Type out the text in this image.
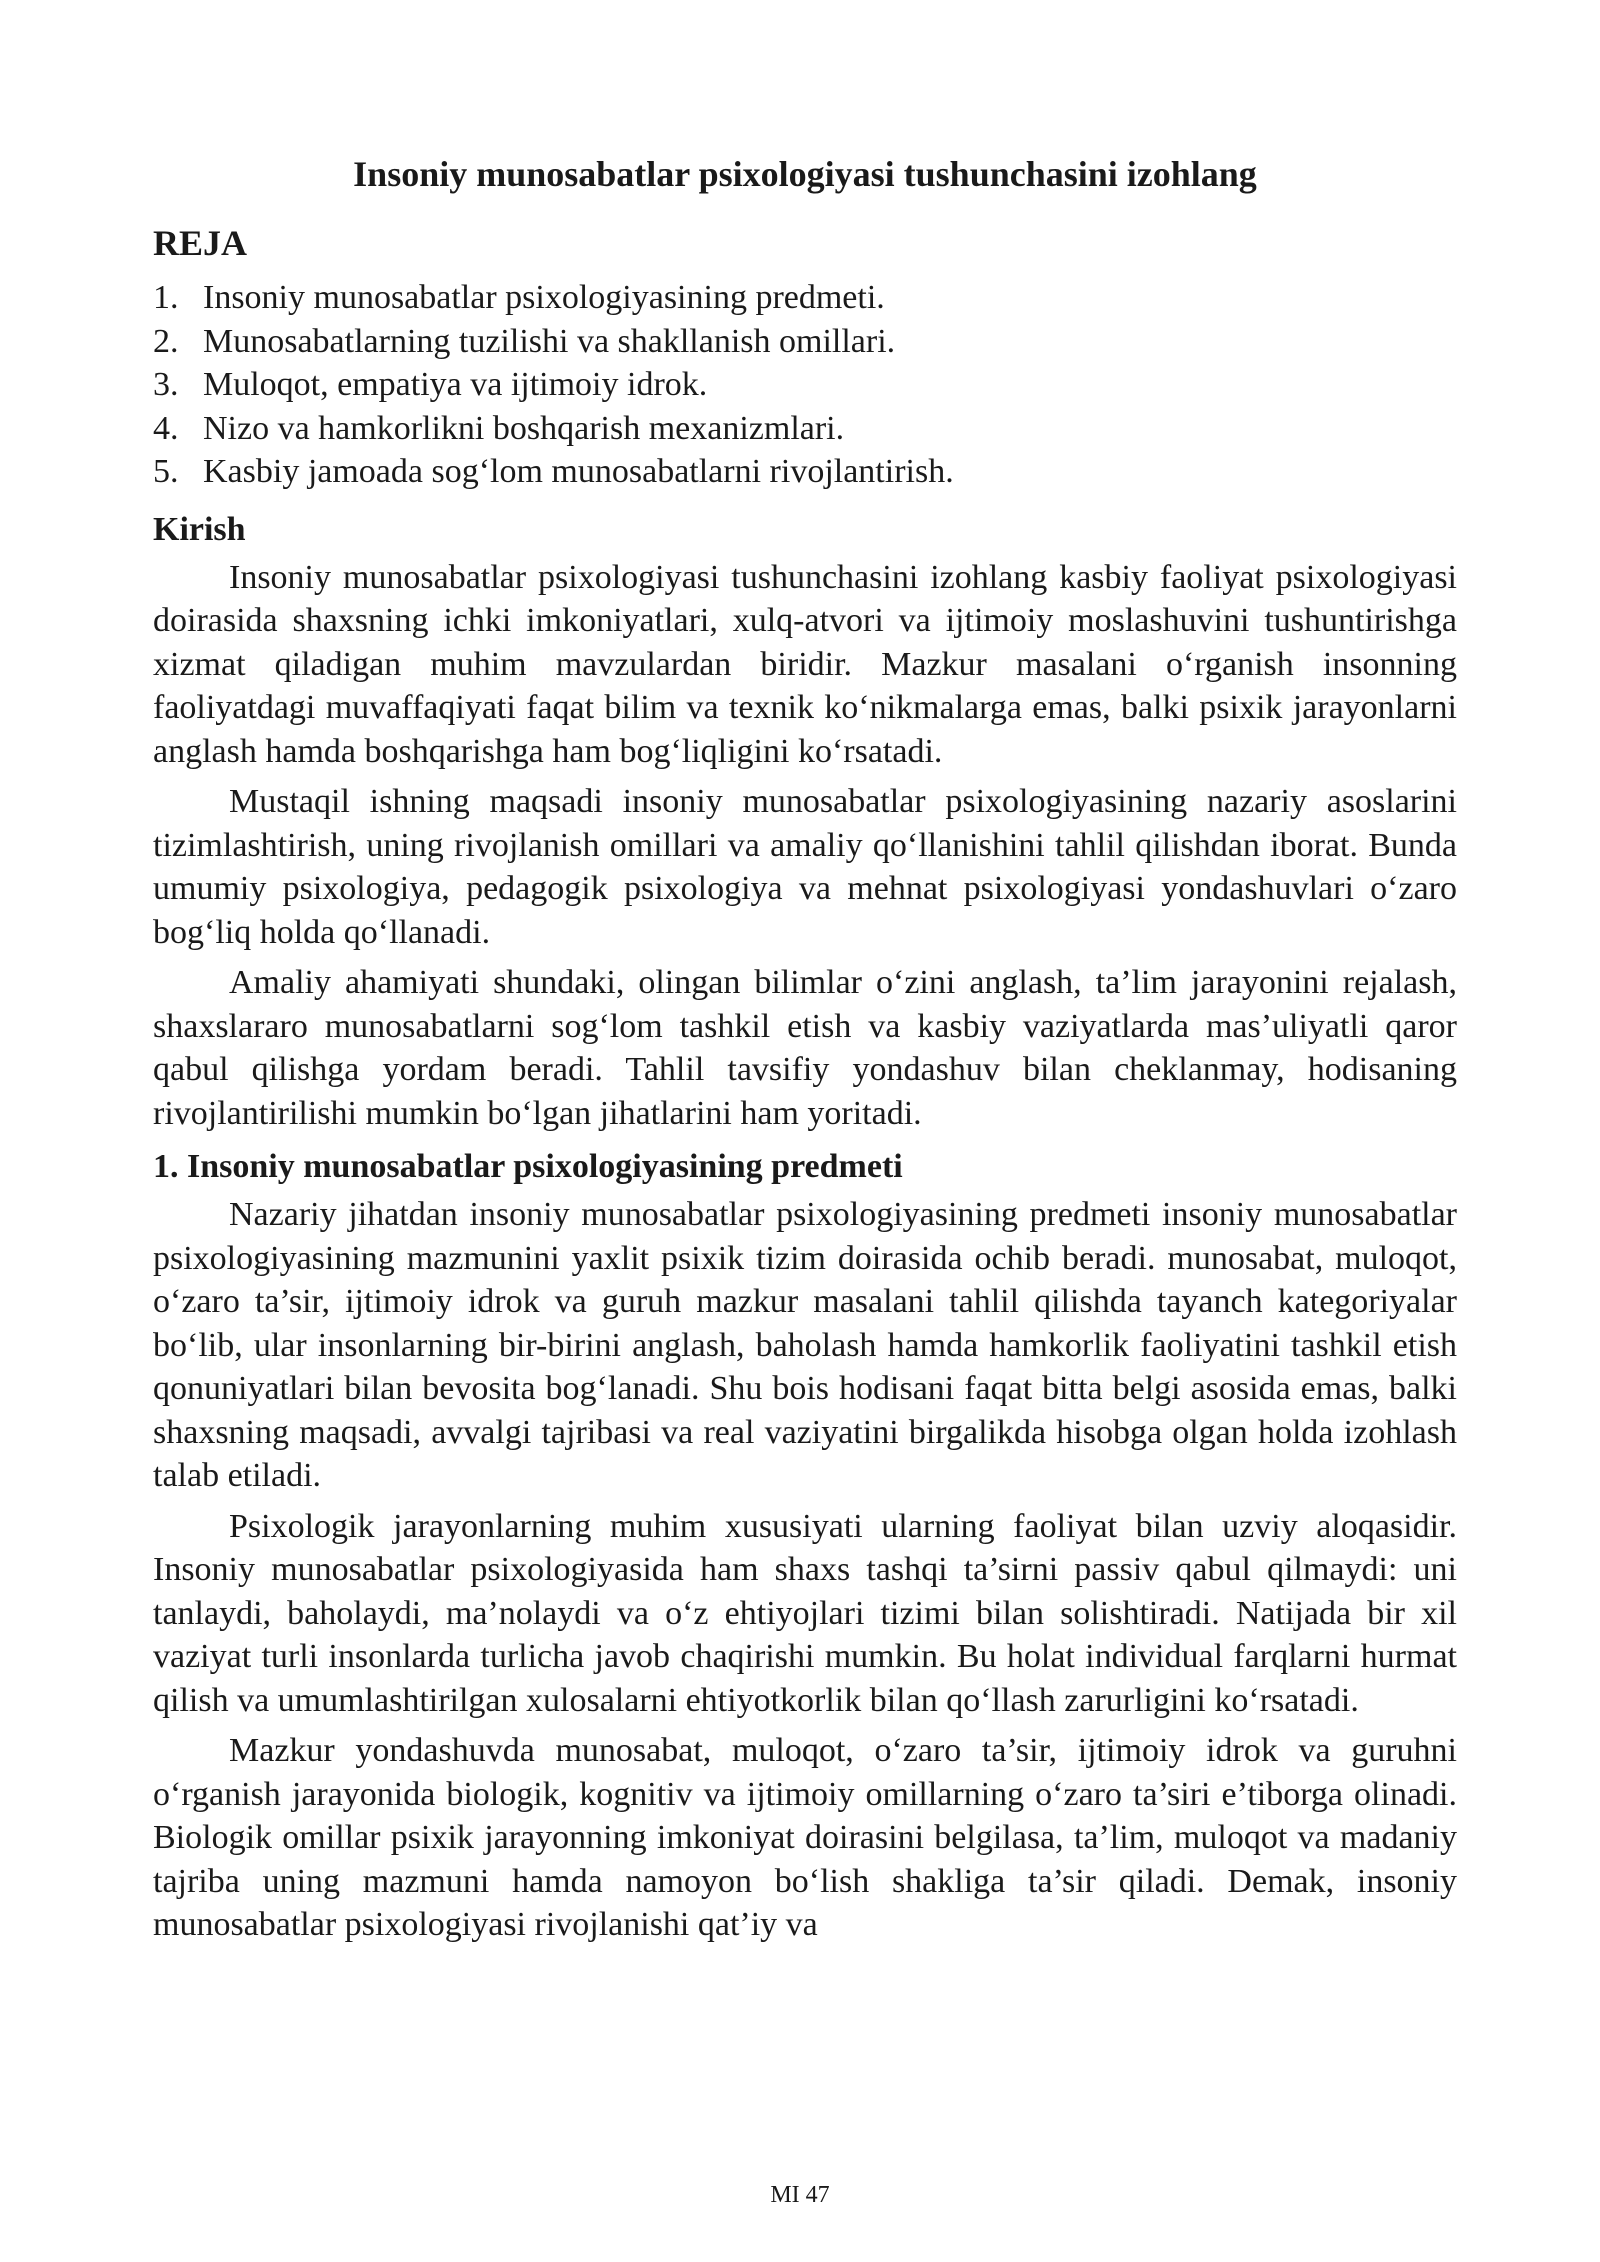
Insoniy munosabatlar psixologiyasi tushunchasini izohlang
REJA
1. Insoniy munosabatlar psixologiyasining predmeti.
2. Munosabatlarning tuzilishi va shakllanish omillari.
3. Muloqot, empatiya va ijtimoiy idrok.
4. Nizo va hamkorlikni boshqarish mexanizmlari.
5. Kasbiy jamoada sog‘lom munosabatlarni rivojlantirish.
Kirish

Insoniy munosabatlar psixologiyasi tushunchasini izohlang kasbiy faoliyat psixologiyasi doirasida shaxsning ichki imkoniyatlari, xulq-atvori va ijtimoiy moslashuvini tushuntirishga xizmat qiladigan muhim mavzulardan biridir. Mazkur masalani o‘rganish insonning faoliyatdagi muvaffaqiyati faqat bilim va texnik ko‘nikmalarga emas, balki psixik jarayonlarni anglash hamda boshqarishga ham bog‘liqligini ko‘rsatadi.

Mustaqil ishning maqsadi insoniy munosabatlar psixologiyasining nazariy asoslarini tizimlashtirish, uning rivojlanish omillari va amaliy qo‘llanishini tahlil qilishdan iborat. Bunda umumiy psixologiya, pedagogik psixologiya va mehnat psixologiyasi yondashuvlari o‘zaro bog‘liq holda qo‘llanadi.

Amaliy ahamiyati shundaki, olingan bilimlar o‘zini anglash, ta’lim jarayonini rejalash, shaxslararo munosabatlarni sog‘lom tashkil etish va kasbiy vaziyatlarda mas’uliyatli qaror qabul qilishga yordam beradi. Tahlil tavsifiy yondashuv bilan cheklanmay, hodisaning rivojlantirilishi mumkin bo‘lgan jihatlarini ham yoritadi.

1. Insoniy munosabatlar psixologiyasining predmeti

Nazariy jihatdan insoniy munosabatlar psixologiyasining predmeti insoniy munosabatlar psixologiyasining mazmunini yaxlit psixik tizim doirasida ochib beradi. munosabat, muloqot, o‘zaro ta’sir, ijtimoiy idrok va guruh mazkur masalani tahlil qilishda tayanch kategoriyalar bo‘lib, ular insonlarning bir-birini anglash, baholash hamda hamkorlik faoliyatini tashkil etish qonuniyatlari bilan bevosita bog‘lanadi. Shu bois hodisani faqat bitta belgi asosida emas, balki shaxsning maqsadi, avvalgi tajribasi va real vaziyatini birgalikda hisobga olgan holda izohlash talab etiladi.

Psixologik jarayonlarning muhim xususiyati ularning faoliyat bilan uzviy aloqasidir. Insoniy munosabatlar psixologiyasida ham shaxs tashqi ta’sirni passiv qabul qilmaydi: uni tanlaydi, baholaydi, ma’nolaydi va o‘z ehtiyojlari tizimi bilan solishtiradi. Natijada bir xil vaziyat turli insonlarda turlicha javob chaqirishi mumkin. Bu holat individual farqlarni hurmat qilish va umumlashtirilgan xulosalarni ehtiyotkorlik bilan qo‘llash zarurligini ko‘rsatadi.

Mazkur yondashuvda munosabat, muloqot, o‘zaro ta’sir, ijtimoiy idrok va guruhni o‘rganish jarayonida biologik, kognitiv va ijtimoiy omillarning o‘zaro ta’siri e’tiborga olinadi. Biologik omillar psixik jarayonning imkoniyat doirasini belgilasa, ta’lim, muloqot va madaniy tajriba uning mazmuni hamda namoyon bo‘lish shakliga ta’sir qiladi. Demak, insoniy munosabatlar psixologiyasi rivojlanishi qat’iy va

MI 47
